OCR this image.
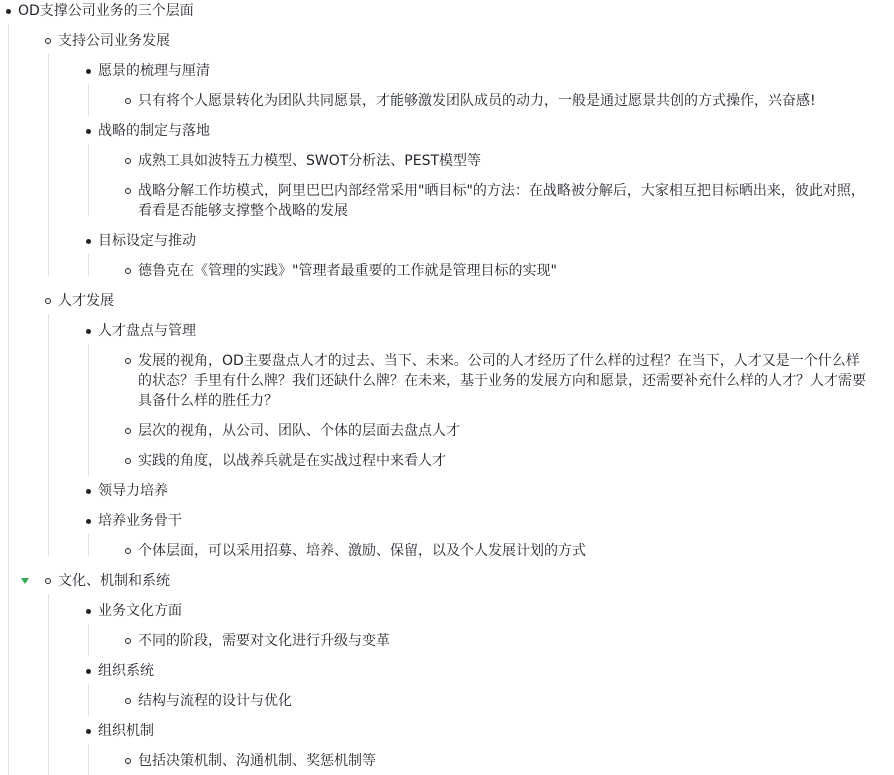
OD支撑公司业务的三个层面
支持公司业务发展
愿景的梳理与厘清
只有将个人愿景转化为团队共同愿景，才能够激发团队成员的动力，一般是通过愿景共创的方式操作，兴奋感!
战略的制定与落地
成熟工具如波特五力模型、SWOT分析法、PEST模型等
战略分解工作坊模式，阿里巴巴内部经常采用"晒目标"的方法：在战略被分解后，大家相互把目标晒出来，彼此对照，看看是否能够支撑整个战略的发展
目标设定与推动
德鲁克在《管理的实践》"管理者最重要的工作就是管理目标的实现"
人才发展
人才盘点与管理
发展的视角，OD主要盘点人才的过去、当下、未来。公司的人才经历了什么样的过程？在当下，人才又是一个什么样的状态？手里有什么牌？我们还缺什么牌？在未来，基于业务的发展方向和愿景，还需要补充什么样的人才？人才需要具备什么样的胜任力？
层次的视角，从公司、团队、个体的层面去盘点人才
实践的角度，以战养兵就是在实战过程中来看人才
领导力培养
培养业务骨干
个体层面，可以采用招募、培养、激励、保留，以及个人发展计划的方式
文化、机制和系统
业务文化方面
不同的阶段，需要对文化进行升级与变革
组织系统
结构与流程的设计与优化
组织机制
包括决策机制、沟通机制、奖惩机制等
